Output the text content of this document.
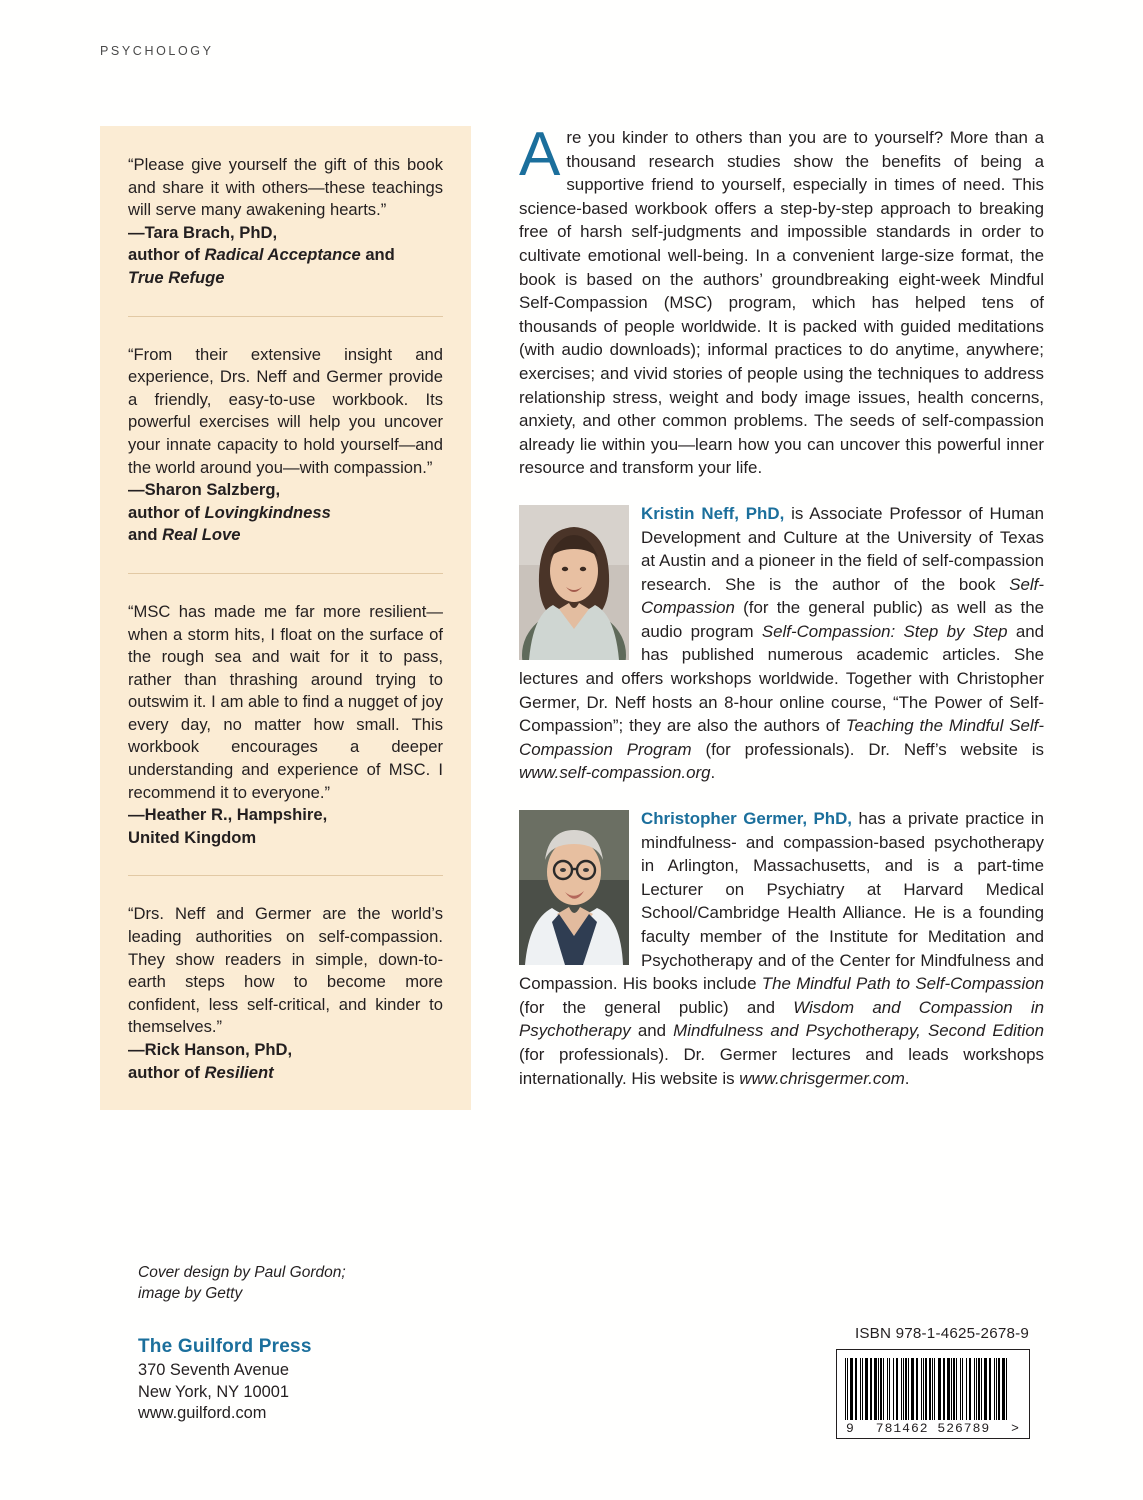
PSYCHOLOGY

“Please give yourself the gift of this book and share it with others—these teachings will serve many awakening hearts.”

—Tara Brach, PhD,
author of Radical Acceptance and
True Refuge

“From their extensive insight and experience, Drs. Neff and Germer provide a friendly, easy-to-use workbook. Its powerful exercises will help you uncover your innate capacity to hold yourself—and the world around you—with compassion.”

—Sharon Salzberg,
author of Lovingkindness
and Real Love

“MSC has made me far more resilient—when a storm hits, I float on the surface of the rough sea and wait for it to pass, rather than thrashing around trying to outswim it. I am able to find a nugget of joy every day, no matter how small. This workbook encourages a deeper understanding and experience of MSC. I recommend it to everyone.”

—Heather R., Hampshire,
United Kingdom

“Drs. Neff and Germer are the world’s leading authorities on self-compassion. They show readers in simple, down-to-earth steps how to become more confident, less self-critical, and kinder to themselves.”

—Rick Hanson, PhD,
author of Resilient

Cover design by Paul Gordon;
image by Getty
The Guilford Press
370 Seventh Avenue
New York, NY 10001
www.guilford.com

Are you kinder to others than you are to yourself? More than a thousand research studies show the benefits of being a supportive friend to yourself, especially in times of need. This science-based workbook offers a step-by-step approach to breaking free of harsh self-judgments and impossible standards in order to cultivate emotional well-being. In a convenient large-size format, the book is based on the authors’ groundbreaking eight-week Mindful Self-Compassion (MSC) program, which has helped tens of thousands of people worldwide. It is packed with guided meditations (with audio downloads); informal practices to do anytime, anywhere; exercises; and vivid stories of people using the techniques to address relationship stress, weight and body image issues, health concerns, anxiety, and other common problems. The seeds of self-compassion already lie within you—learn how you can uncover this powerful inner resource and transform your life.

Kristin Neff, PhD, is Associate Professor of Human Development and Culture at the University of Texas at Austin and a pioneer in the field of self-compassion research. She is the author of the book Self-Compassion (for the general public) as well as the audio program Self-Compassion: Step by Step and has published numerous academic articles. She lectures and offers workshops worldwide. Together with Christopher Germer, Dr. Neff hosts an 8-hour online course, “The Power of Self-Compassion”; they are also the authors of Teaching the Mindful Self-Compassion Program (for professionals). Dr. Neff’s website is www.self-compassion.org.

Christopher Germer, PhD, has a private practice in mindfulness- and compassion-based psychotherapy in Arlington, Massachusetts, and is a part-time Lecturer on Psychiatry at Harvard Medical School/Cambridge Health Alliance. He is a founding faculty member of the Institute for Meditation and Psychotherapy and of the Center for Mindfulness and Compassion. His books include The Mindful Path to Self-Compassion (for the general public) and Wisdom and Compassion in Psychotherapy and Mindfulness and Psychotherapy, Second Edition (for professionals). Dr. Germer lectures and leads workshops internationally. His website is www.chrisgermer.com.

ISBN 978-1-4625-2678-9
9 781462 526789 >
